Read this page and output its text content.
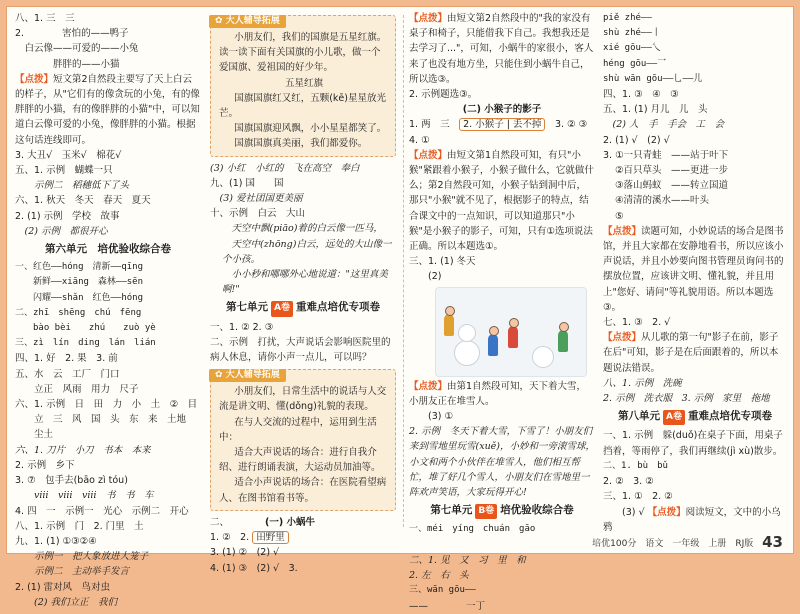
八、1. 三　三
2.　　　　害怕的——鸭子
　白云像——可爱的——小兔
　　　　胖胖的——小猫
【点拨】短文第2自然段主要写了天上白云的样子，从"它们有的像贪玩的小兔，有的像胖胖的小猫，有的像胖胖的小猫"中，可以知道白云像可爱的小兔，像胖胖的小猫。根据这句话连线即可。
3. 大丑√　玉米√　棉花√
五、1. 示例　蝴蝶一只
　　示例二　稻穗低下了头
六、1. 秋天　冬天　春天　夏天
2. (1) 示例　学校　故事
　(2) 示例　都很开心
第六单元　培优验收综合卷
一、红色——hóng　清新——qīng
　　新鲜——xiāng　森林——sēn
　　闪耀——shǎn　红色——hóng
二、zhī　shēng　chú　fēng
　　bào bèi　　zhú　　zuò yè
三、zì　lín　ding　lán　lián
四、1. 好　2. 果　3. 前
五、水　云　工厂　门口
　　立正　风雨　用力　尺子
六、1. 示例　日　田　力　小　土　②　目
　　立　三　风　国　头　东　来　土地
　　尘土
六、1. 刀片　小刀　书本　本来
2. 示例　乡下
3. ⑦　包手去(bāo zì tóu)
　　ⅷ　ⅷ　ⅷ　书　书　车
4. 四　一　示例一　光心　示例二　开心
八、1. 示例　门　2. 门里　土
九、1. (1) ①③②④
　　示例一　把大象放进大笼子
　　示例二　主动举手发言
2. (1) 雷对风　鸟对虫
　　(2) 我们立正　我们
✿ 大人辅导拓展
小朋友们，我们的国旗是五星红旗。读一读下面有关国旗的小儿歌，做一个爱国旗、爱祖国的好少年。
五星红旗
国旗国旗红又红，五颗(kē)星星放光芒。
国旗国旗迎风飘，小小星星都笑了。
国旗国旗真美丽，我们都爱你。
(3) 小红　小红的　飞在高空　奉白
九、(1) 国　　国
　(3) 爱社团国更美丽
十、示例　白云　大山
　天空中飘(piāo)着的白云像一匹马，
　天空中(zhōng)白云，远处的大山像一个小孩。
　小小秒和哪哪外心地说道："这里真美啊!"
第七单元 A卷 重难点培优专项卷
一、1. ② 2. ③
二、示例　打扰，大声说话会影响医院里的病人休息，请你小声一点儿，可以吗？
✿ 大人辅导拓展
小朋友们，日常生活中的说话与人交流是讲文明、懂(dǒng)礼貌的表现。
在与人交流的过程中，运用到生活中：
适合大声说话的场合：进行自我介绍、进行朗诵表演，大运动员加油等。
适合小声说话的场合：在医院看望病人、在图书馆看书等。
二、	(一) 小蜗牛
1. ②　2. 田野里
3. (1) ②　(2) √
4. (1) ③　(2) √　3.
【点拨】由短文第2自然段中的"我的家没有桌子和椅子，只能借我下自己。我想我还是去学习了..."，可知，小蜗牛的家很小，客人来了也没有地方坐，只能住到小蜗牛自己，所以选③。
2. 示例题选③。
(二) 小猴子的影子
1. 两　三　 2. 小猴子 | 丢不掉　 3. ② ③
4. ①
【点拨】由短文第1自然段可知，有只"小猴"紧跟着小猴子，小猴子做什么，它就做什么；第2自然段可知，小猴子钻到洞中后，那只"小猴"就不见了，根据影子的特点，结合课文中的一点知识，可以知道那只"小猴"是小猴子的影子，可知，只有①选项说法正确。所以本题选①。
三、1. (1) 冬天
　　(2)
【点拨】由第1自然段可知，天下着大雪，小朋友正在堆雪人。
　　(3) ①
2. 示例　冬天下着大雪，下雪了！小朋友们来到雪地里玩雪(xuě)，小妙和一旁滚雪球，小文和两个小伙伴在堆雪人，他们相互帮忙，堆了好几个雪人，小朋友们在雪地里一阵欢声笑语，大家玩得开心!
第七单元 B卷 培优验收综合卷
一、méi　yíng　chuán　gāo

二、1. 见　又　习　里　和
2. 左　右　头
三、wān gōu——　　　　
——　　　　一丁
piě zhé——
shù zhé——丨
xié gōu——乀
héng gōu——乛
shù wān gōu——乚——儿
四、1. ③　④　③
五、1. (1) 月儿　儿　头
　(2) 人　手　手会　工　会
2. (1) √　(2) √
3. ①一只青蛙　——站于叶下
②百只草头　——更进一步
③落山蚂蚁　——转立国道
④清清的溪水——叶头
⑤
【点拨】读题可知，小妙说话的场合是图书馆，并且大家都在安静地看书，所以应该小声说话，并且小妙要向图书管理员询问书的摆放位置，应该讲文明、懂礼貌，并且用上"您好、请问"等礼貌用语。所以本题选③。
七、1. ③　2. √
【点拨】从儿歌的第一句"影子在前，影子在后"可知，影子是在后面跟着的，所以本题说法错误。
八、1. 示例　洗碗
2. 示例　洗衣服　3. 示例　家里　拖地
第八单元 A卷 重难点培优专项卷
一、1. 示例　躲(duǒ)在桌子下面，用桌子挡着，等雨停了，我们再继续(jì xù)散步。
二、1. bù　bǔ
2. ②　3. ②
三、1. ①　2. ②
　　(3) √ 【点拨】阅读短文，文中的小乌鸦
培优100分　语文　一年级　上册　RJ版 43
